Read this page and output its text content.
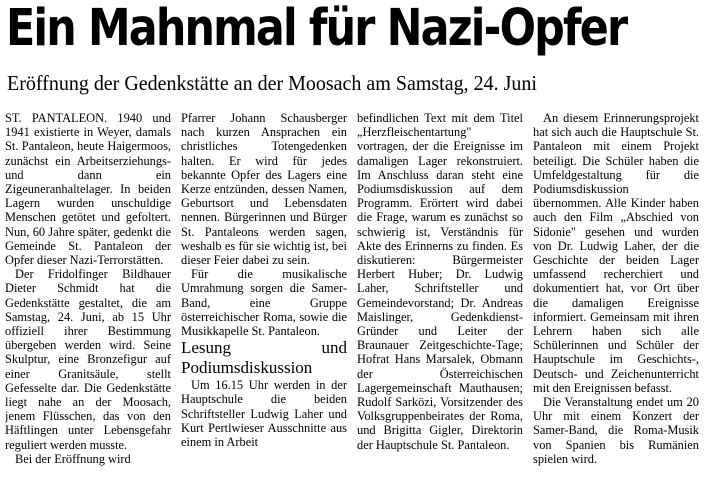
Ein Mahnmal für Nazi-Opfer
Eröffnung der Gedenkstätte an der Moosach am Samstag, 24. Juni

ST. PANTALEON. 1940 und 1941 existierte in Weyer, damals St. Pantaleon, heute Haigermoos, zunächst ein Arbeitserziehungs- und dann ein Zigeuneranhaltelager. In beiden Lagern wurden unschuldige Menschen getötet und gefoltert. Nun, 60 Jahre später, gedenkt die Gemeinde St. Pantaleon der Opfer dieser Nazi-Terrorstätten.

Der Fridolfinger Bildhauer Dieter Schmidt hat die Gedenkstätte gestaltet, die am Samstag, 24. Juni, ab 15 Uhr offiziell ihrer Bestimmung übergeben werden wird. Seine Skulptur, eine Bronzefigur auf einer Granitsäule, stellt Gefesselte dar. Die Gedenkstätte liegt nahe an der Moosach, jenem Flüsschen, das von den Häftlingen unter Lebensgefahr reguliert werden musste.

Bei der Eröffnung wird

Pfarrer Johann Schausberger nach kurzen Ansprachen ein christliches Totengedenken halten. Er wird für jedes bekannte Opfer des Lagers eine Kerze entzünden, dessen Namen, Geburtsort und Lebensdaten nennen. Bürgerinnen und Bürger St. Pantaleons werden sagen, weshalb es für sie wichtig ist, bei dieser Feier dabei zu sein.

Für die musikalische Umrahmung sorgen die Samer-Band, eine Gruppe österreichischer Roma, sowie die Musikkapelle St. Pantaleon.

Lesung und Podiumsdiskussion

Um 16.15 Uhr werden in der Hauptschule die beiden Schriftsteller Ludwig Laher und Kurt Pertlwieser Ausschnitte aus einem in Arbeit

befindlichen Text mit dem Titel „Herzfleischentartung" vortragen, der die Ereignisse im damaligen Lager rekonstruiert. Im Anschluss daran steht eine Podiumsdiskussion auf dem Programm. Erörtert wird dabei die Frage, warum es zunächst so schwierig ist, Verständnis für Akte des Erinnerns zu finden. Es diskutieren: Bürgermeister Herbert Huber; Dr. Ludwig Laher, Schriftsteller und Gemeindevorstand; Dr. Andreas Maislinger, Gedenkdienst-Gründer und Leiter der Braunauer Zeitgeschichte-Tage; Hofrat Hans Marsalek, Obmann der Österreichischen Lagergemeinschaft Mauthausen; Rudolf Sarközi, Vorsitzender des Volksgruppenbeirates der Roma, und Brigitta Gigler, Direktorin der Hauptschule St. Pantaleon.

An diesem Erinnerungsprojekt hat sich auch die Hauptschule St. Pantaleon mit einem Projekt beteiligt. Die Schüler haben die Umfeldgestaltung für die Podiumsdiskussion übernommen. Alle Kinder haben auch den Film „Abschied von Sidonie" gesehen und wurden von Dr. Ludwig Laher, der die Geschichte der beiden Lager umfassend recherchiert und dokumentiert hat, vor Ort über die damaligen Ereignisse informiert. Gemeinsam mit ihren Lehrern haben sich alle Schülerinnen und Schüler der Hauptschule im Geschichts-, Deutsch- und Zeichenunterricht mit den Ereignissen befasst.

Die Veranstaltung endet um 20 Uhr mit einem Konzert der Samer-Band, die Roma-Musik von Spanien bis Rumänien spielen wird.
